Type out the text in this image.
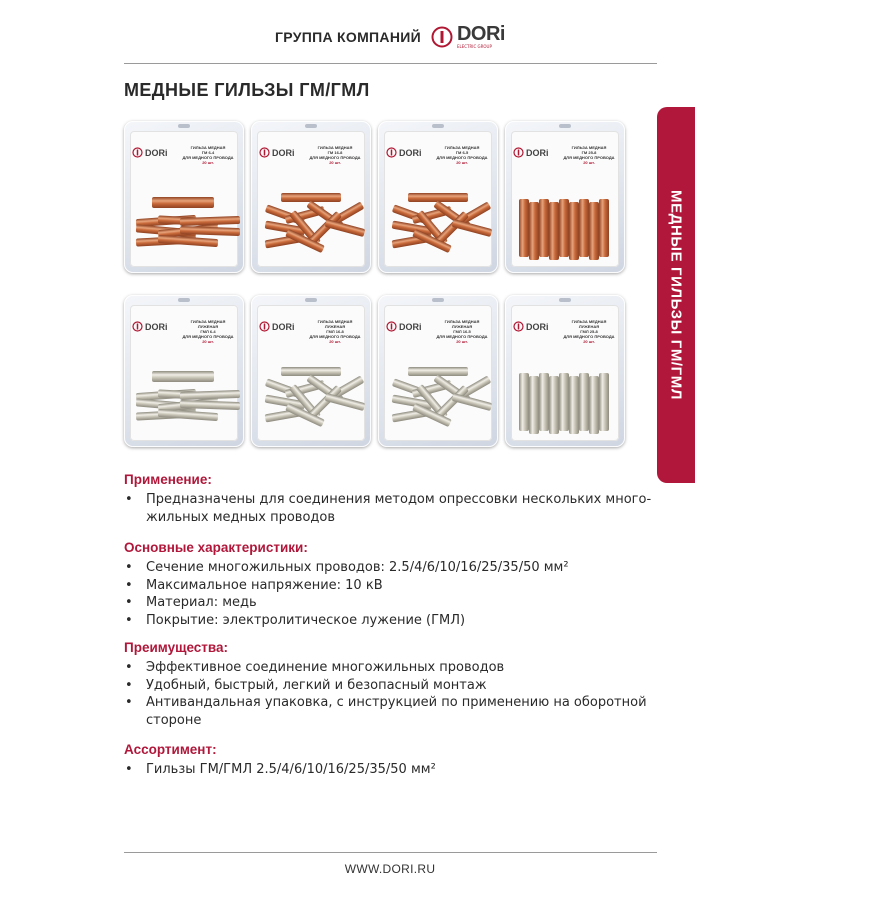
ГРУППА КОМПАНИЙ DORi
ELECTRIC GROUP
МЕДНЫЕ ГИЛЬЗЫ ГМ/ГМЛ
МЕДНЫЕ ГИЛЬЗЫ ГМ/ГМЛ
DORi	ГИЛЬЗА МЕДНАЯ
ГМ 6-4
ДЛЯ МЕДНОГО ПРОВОДА
20 шт.
DORi	ГИЛЬЗА МЕДНАЯ
ГМ 16-8
ДЛЯ МЕДНОГО ПРОВОДА
20 шт.
DORi	ГИЛЬЗА МЕДНАЯ
ГМ 6-5
ДЛЯ МЕДНОГО ПРОВОДА
20 шт.
DORi	ГИЛЬЗА МЕДНАЯ
ГМ 25-8
ДЛЯ МЕДНОГО ПРОВОДА
20 шт.
DORi	ГИЛЬЗА МЕДНАЯ ЛУЖЕНАЯ
ГМЛ 6-4
ДЛЯ МЕДНОГО ПРОВОДА
20 шт.
DORi	ГИЛЬЗА МЕДНАЯ ЛУЖЕНАЯ
ГМЛ 16-8
ДЛЯ МЕДНОГО ПРОВОДА
20 шт.
DORi	ГИЛЬЗА МЕДНАЯ ЛУЖЕНАЯ
ГМЛ 16-5
ДЛЯ МЕДНОГО ПРОВОДА
20 шт.
DORi	ГИЛЬЗА МЕДНАЯ ЛУЖЕНАЯ
ГМЛ 25-8
ДЛЯ МЕДНОГО ПРОВОДА
20 шт.
Применение:
• Предназначены для соединения методом опрессовки нескольких много-жильных медных проводов
Основные характеристики:
• Сечение многожильных проводов: 2.5/4/6/10/16/25/35/50 мм²
• Максимальное напряжение: 10 кВ
• Материал: медь
• Покрытие: электролитическое лужение (ГМЛ)
Преимущества:
• Эффективное соединение многожильных проводов
• Удобный, быстрый, легкий и безопасный монтаж
• Антивандальная упаковка, с инструкцией по применению на оборотной стороне
Ассортимент:
• Гильзы ГМ/ГМЛ 2.5/4/6/10/16/25/35/50 мм²
WWW.DORI.RU
